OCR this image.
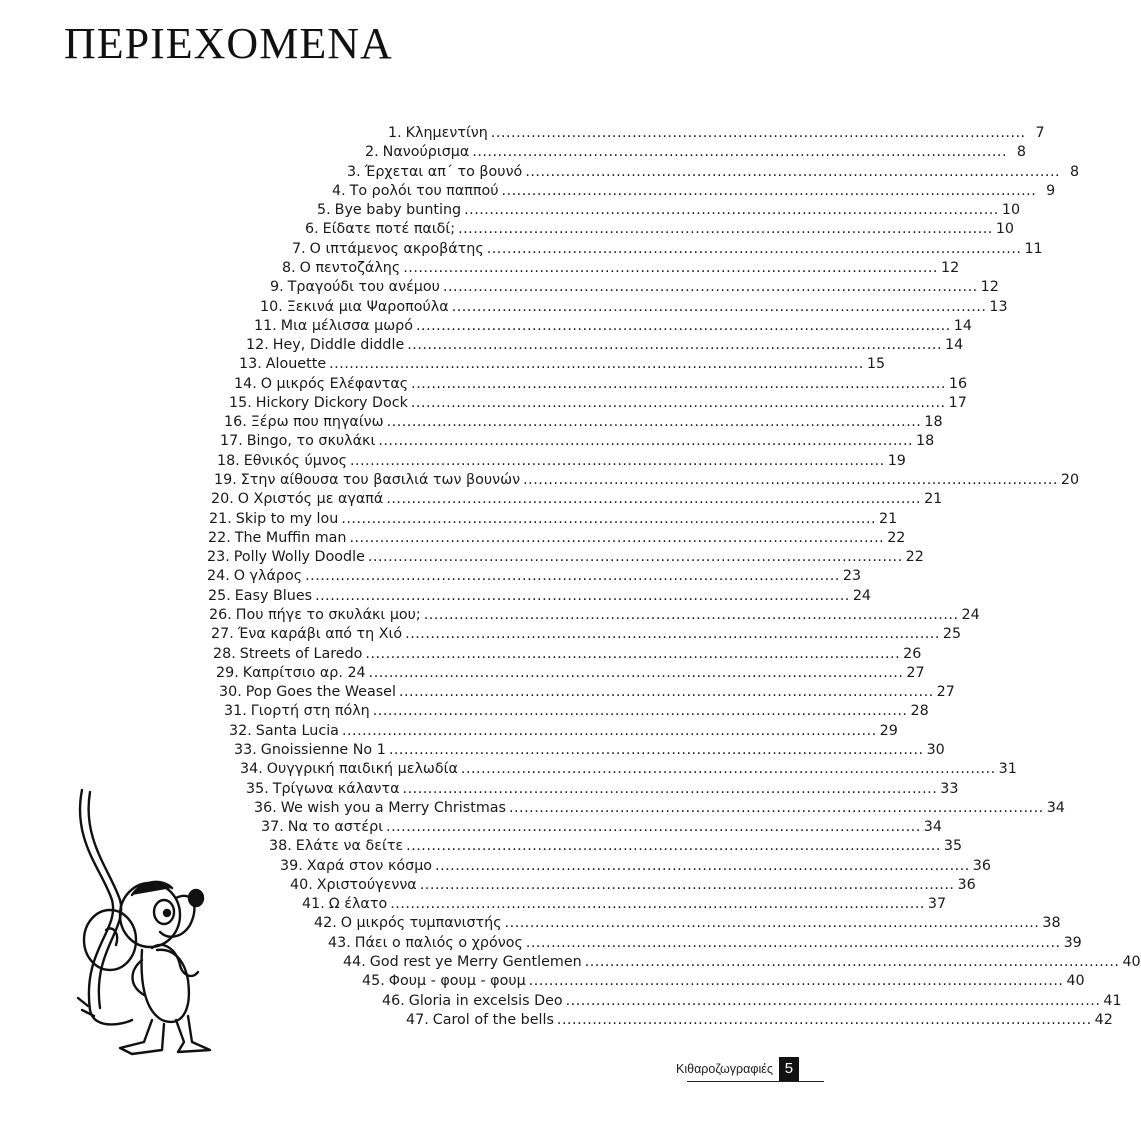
ΠΕΡΙΕΧΟΜΕΝΑ
1. Κλημεντίνη .......................................................................................................... 7
2. Νανούρισμα .......................................................................................................... 8
3. Έρχεται απ΄ το βουνό .......................................................................................................... 8
4. Το ρολόι του παππού .......................................................................................................... 9
5. Bye baby bunting .......................................................................................................... 10
6. Είδατε ποτέ παιδί; .......................................................................................................... 10
7. Ο ιπτάμενος ακροβάτης .......................................................................................................... 11
8. Ο πεντοζάλης .......................................................................................................... 12
9. Τραγούδι του ανέμου .......................................................................................................... 12
10. Ξεκινά μια Ψαροπούλα .......................................................................................................... 13
11. Μια μέλισσα μωρό .......................................................................................................... 14
12. Hey, Diddle diddle .......................................................................................................... 14
13. Alouette .......................................................................................................... 15
14. Ο μικρός Ελέφαντας .......................................................................................................... 16
15. Hickory Dickory Dock .......................................................................................................... 17
16. Ξέρω που πηγαίνω .......................................................................................................... 18
17. Bingo, το σκυλάκι .......................................................................................................... 18
18. Εθνικός ύμνος .......................................................................................................... 19
19. Στην αίθουσα του βασιλιά των βουνών .......................................................................................................... 20
20. Ο Χριστός με αγαπά .......................................................................................................... 21
21. Skip to my lou .......................................................................................................... 21
22. The Muffin man .......................................................................................................... 22
23. Polly Wolly Doodle .......................................................................................................... 22
24. Ο γλάρος .......................................................................................................... 23
25. Easy Blues .......................................................................................................... 24
26. Που πήγε το σκυλάκι μου; .......................................................................................................... 24
27. Ένα καράβι από τη Χιό .......................................................................................................... 25
28. Streets of Laredo .......................................................................................................... 26
29. Καπρίτσιο αρ. 24 .......................................................................................................... 27
30. Pop Goes the Weasel .......................................................................................................... 27
31. Γιορτή στη πόλη .......................................................................................................... 28
32. Santa Lucia .......................................................................................................... 29
33. Gnoissienne No 1 .......................................................................................................... 30
34. Ουγγρική παιδική μελωδία .......................................................................................................... 31
35. Τρίγωνα κάλαντα .......................................................................................................... 33
36. We wish you a Merry Christmas .......................................................................................................... 34
37. Να το αστέρι .......................................................................................................... 34
38. Ελάτε να δείτε .......................................................................................................... 35
39. Χαρά στον κόσμο .......................................................................................................... 36
40. Χριστούγεννα .......................................................................................................... 36
41. Ω έλατο .......................................................................................................... 37
42. Ο μικρός τυμπανιστής .......................................................................................................... 38
43. Πάει ο παλιός ο χρόνος .......................................................................................................... 39
44. God rest ye Merry Gentlemen .......................................................................................................... 40
45. Φουμ - φουμ - φουμ .......................................................................................................... 40
46. Gloria in excelsis Deo .......................................................................................................... 41
47. Carol of the bells .......................................................................................................... 42
Κιθαροζωγραφιές 5
